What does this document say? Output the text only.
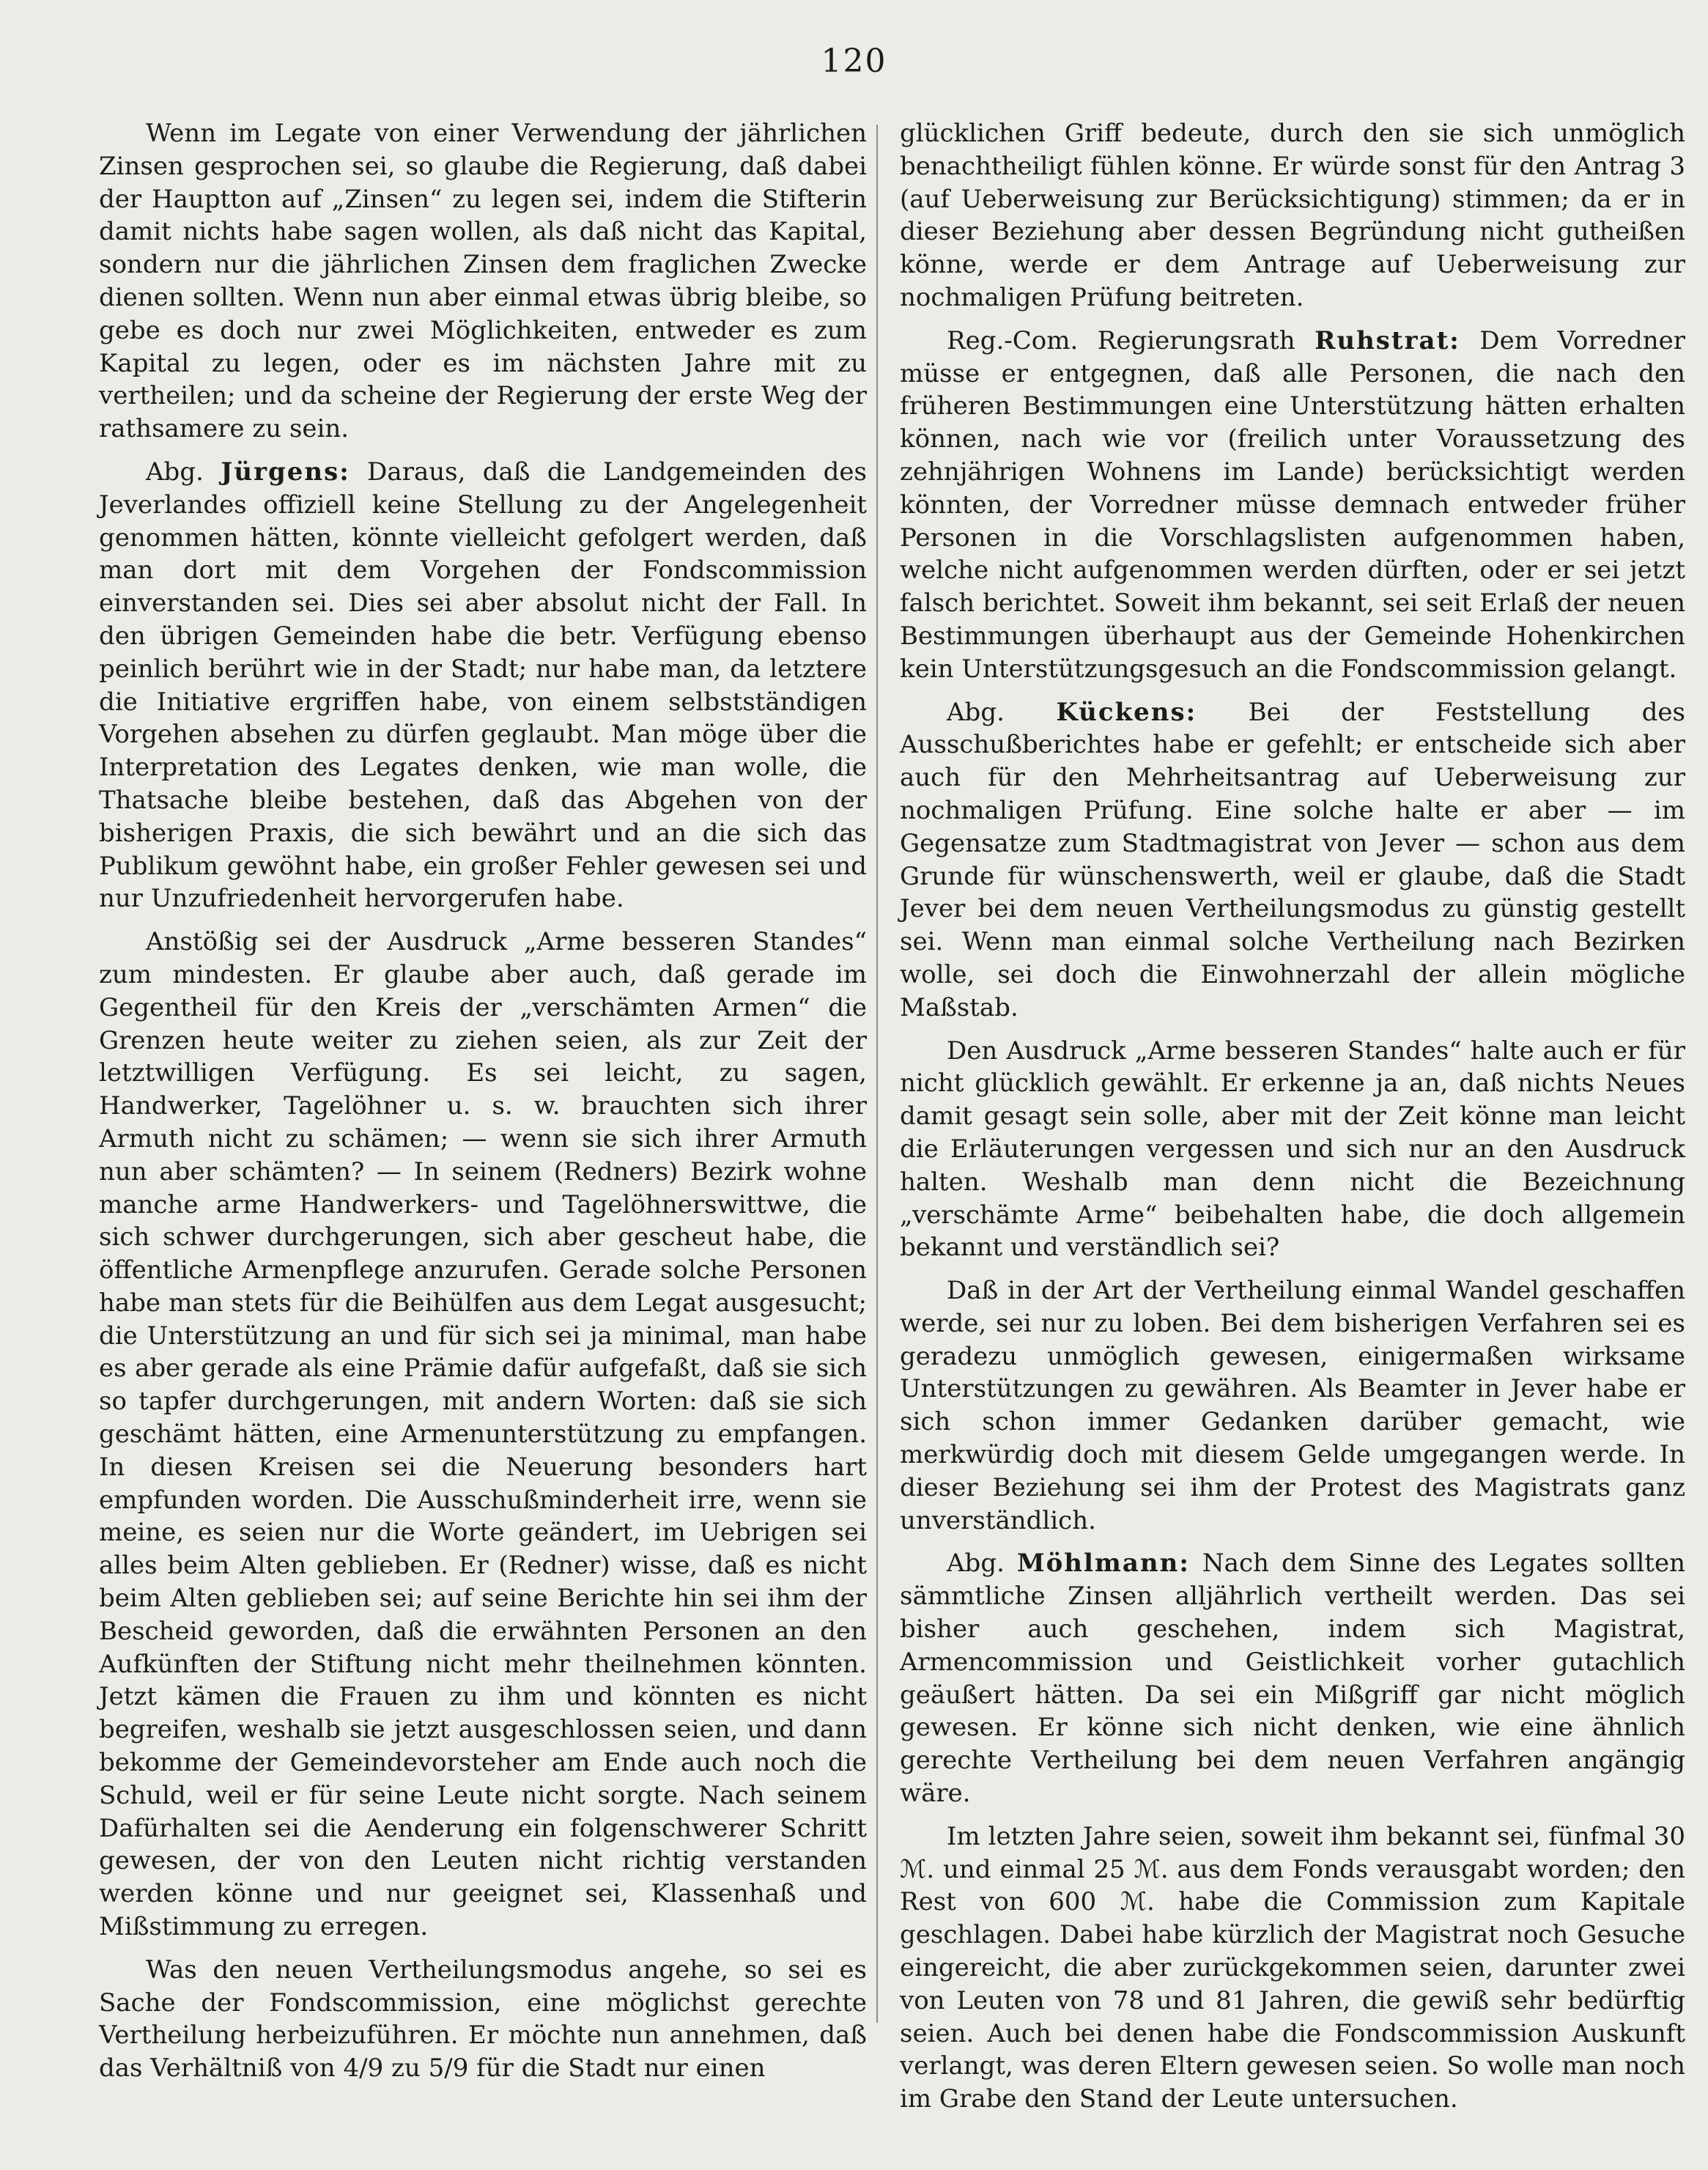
120

Wenn im Legate von einer Verwendung der jährlichen Zinsen gesprochen sei, so glaube die Regierung, daß dabei der Hauptton auf „Zinsen“ zu legen sei, indem die Stifterin damit nichts habe sagen wollen, als daß nicht das Kapital, sondern nur die jährlichen Zinsen dem fraglichen Zwecke dienen sollten. Wenn nun aber einmal etwas übrig bleibe, so gebe es doch nur zwei Möglichkeiten, entweder es zum Kapital zu legen, oder es im nächsten Jahre mit zu vertheilen; und da scheine der Regierung der erste Weg der rathsamere zu sein.

Abg. Jürgens: Daraus, daß die Landgemeinden des Jeverlandes offiziell keine Stellung zu der Angelegenheit genommen hätten, könnte vielleicht gefolgert werden, daß man dort mit dem Vorgehen der Fondscommission einverstanden sei. Dies sei aber absolut nicht der Fall. In den übrigen Gemeinden habe die betr. Verfügung ebenso peinlich berührt wie in der Stadt; nur habe man, da letztere die Initiative ergriffen habe, von einem selbstständigen Vorgehen absehen zu dürfen geglaubt. Man möge über die Interpretation des Legates denken, wie man wolle, die Thatsache bleibe bestehen, daß das Abgehen von der bisherigen Praxis, die sich bewährt und an die sich das Publikum gewöhnt habe, ein großer Fehler gewesen sei und nur Unzufriedenheit hervorgerufen habe.

Anstößig sei der Ausdruck „Arme besseren Standes“ zum mindesten. Er glaube aber auch, daß gerade im Gegentheil für den Kreis der „verschämten Armen“ die Grenzen heute weiter zu ziehen seien, als zur Zeit der letztwilligen Verfügung. Es sei leicht, zu sagen, Handwerker, Tagelöhner u. s. w. brauchten sich ihrer Armuth nicht zu schämen; — wenn sie sich ihrer Armuth nun aber schämten? — In seinem (Redners) Bezirk wohne manche arme Handwerkers- und Tagelöhnerswittwe, die sich schwer durchgerungen, sich aber gescheut habe, die öffentliche Armenpflege anzurufen. Gerade solche Personen habe man stets für die Beihülfen aus dem Legat ausgesucht; die Unterstützung an und für sich sei ja minimal, man habe es aber gerade als eine Prämie dafür aufgefaßt, daß sie sich so tapfer durchgerungen, mit andern Worten: daß sie sich geschämt hätten, eine Armenunterstützung zu empfangen. In diesen Kreisen sei die Neuerung besonders hart empfunden worden. Die Ausschußminderheit irre, wenn sie meine, es seien nur die Worte geändert, im Uebrigen sei alles beim Alten geblieben. Er (Redner) wisse, daß es nicht beim Alten geblieben sei; auf seine Berichte hin sei ihm der Bescheid geworden, daß die erwähnten Personen an den Aufkünften der Stiftung nicht mehr theilnehmen könnten. Jetzt kämen die Frauen zu ihm und könnten es nicht begreifen, weshalb sie jetzt ausgeschlossen seien, und dann bekomme der Gemeindevorsteher am Ende auch noch die Schuld, weil er für seine Leute nicht sorgte. Nach seinem Dafürhalten sei die Aenderung ein folgenschwerer Schritt gewesen, der von den Leuten nicht richtig verstanden werden könne und nur geeignet sei, Klassenhaß und Mißstimmung zu erregen.

Was den neuen Vertheilungsmodus angehe, so sei es Sache der Fondscommission, eine möglichst gerechte Vertheilung herbeizuführen. Er möchte nun annehmen, daß das Verhältniß von 4/9 zu 5/9 für die Stadt nur einen

glücklichen Griff bedeute, durch den sie sich unmöglich benachtheiligt fühlen könne. Er würde sonst für den Antrag 3 (auf Ueberweisung zur Berücksichtigung) stimmen; da er in dieser Beziehung aber dessen Begründung nicht gutheißen könne, werde er dem Antrage auf Ueberweisung zur nochmaligen Prüfung beitreten.

Reg.-Com. Regierungsrath Ruhstrat: Dem Vorredner müsse er entgegnen, daß alle Personen, die nach den früheren Bestimmungen eine Unterstützung hätten erhalten können, nach wie vor (freilich unter Voraussetzung des zehnjährigen Wohnens im Lande) berücksichtigt werden könnten, der Vorredner müsse demnach entweder früher Personen in die Vorschlagslisten aufgenommen haben, welche nicht aufgenommen werden dürften, oder er sei jetzt falsch berichtet. Soweit ihm bekannt, sei seit Erlaß der neuen Bestimmungen überhaupt aus der Gemeinde Hohenkirchen kein Unterstützungsgesuch an die Fondscommission gelangt.

Abg. Kückens: Bei der Feststellung des Ausschußberichtes habe er gefehlt; er entscheide sich aber auch für den Mehrheitsantrag auf Ueberweisung zur nochmaligen Prüfung. Eine solche halte er aber — im Gegensatze zum Stadtmagistrat von Jever — schon aus dem Grunde für wünschenswerth, weil er glaube, daß die Stadt Jever bei dem neuen Vertheilungsmodus zu günstig gestellt sei. Wenn man einmal solche Vertheilung nach Bezirken wolle, sei doch die Einwohnerzahl der allein mögliche Maßstab.

Den Ausdruck „Arme besseren Standes“ halte auch er für nicht glücklich gewählt. Er erkenne ja an, daß nichts Neues damit gesagt sein solle, aber mit der Zeit könne man leicht die Erläuterungen vergessen und sich nur an den Ausdruck halten. Weshalb man denn nicht die Bezeichnung „verschämte Arme“ beibehalten habe, die doch allgemein bekannt und verständlich sei?

Daß in der Art der Vertheilung einmal Wandel geschaffen werde, sei nur zu loben. Bei dem bisherigen Verfahren sei es geradezu unmöglich gewesen, einigermaßen wirksame Unterstützungen zu gewähren. Als Beamter in Jever habe er sich schon immer Gedanken darüber gemacht, wie merkwürdig doch mit diesem Gelde umgegangen werde. In dieser Beziehung sei ihm der Protest des Magistrats ganz unverständlich.

Abg. Möhlmann: Nach dem Sinne des Legates sollten sämmtliche Zinsen alljährlich vertheilt werden. Das sei bisher auch geschehen, indem sich Magistrat, Armencommission und Geistlichkeit vorher gutachlich geäußert hätten. Da sei ein Mißgriff gar nicht möglich gewesen. Er könne sich nicht denken, wie eine ähnlich gerechte Vertheilung bei dem neuen Verfahren angängig wäre.

Im letzten Jahre seien, soweit ihm bekannt sei, fünfmal 30 ℳ. und einmal 25 ℳ. aus dem Fonds verausgabt worden; den Rest von 600 ℳ. habe die Commission zum Kapitale geschlagen. Dabei habe kürzlich der Magistrat noch Gesuche eingereicht, die aber zurückgekommen seien, darunter zwei von Leuten von 78 und 81 Jahren, die gewiß sehr bedürftig seien. Auch bei denen habe die Fondscommission Auskunft verlangt, was deren Eltern gewesen seien. So wolle man noch im Grabe den Stand der Leute untersuchen.
